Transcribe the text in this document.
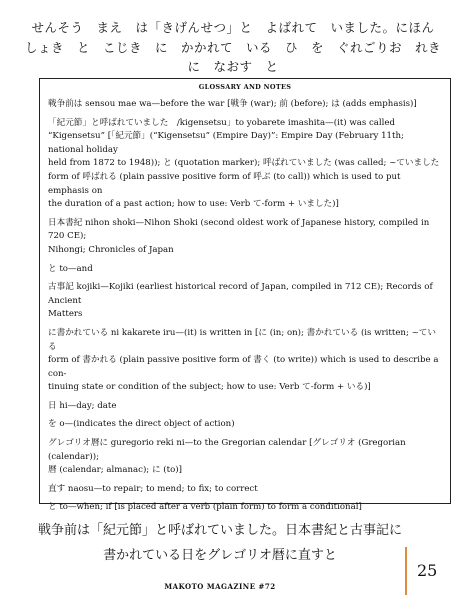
せんそう　まえ　は「きげんせつ」と　よばれて　いました。にほん
しょき　と　こじき　に　かかれて　いる　ひ　を　ぐれごりお　れき
に　なおす　と
GLOSSARY AND NOTES
戦争前は sensou mae wa—before the war [戦争 (war); 前 (before); は (adds emphasis)]
「紀元節」と呼ばれていました　/kigensetsu」to yobarete imashita—(it) was called
“Kigensetsu” [「紀元節」(“Kigensetsu” (Empire Day)”: Empire Day (February 11th; national holiday
held from 1872 to 1948)); と (quotation marker); 呼ばれていました (was called; ~ていました
form of 呼ばれる (plain passive positive form of 呼ぶ (to call)) which is used to put emphasis on
the duration of a past action; how to use: Verb て-form + いました)]
日本書紀 nihon shoki—Nihon Shoki (second oldest work of Japanese history, compiled in 720 CE);
Nihongi; Chronicles of Japan
と to—and
古事記 kojiki—Kojiki (earliest historical record of Japan, compiled in 712 CE); Records of Ancient
Matters
に書かれている ni kakarete iru—(it) is written in [に (in; on); 書かれている (is written; ~ている
form of 書かれる (plain passive positive form of 書く (to write)) which is used to describe a con-
tinuing state or condition of the subject; how to use: Verb て-form + いる)]
日 hi—day; date
を o—(indicates the direct object of action)
グレゴリオ暦に guregorio reki ni—to the Gregorian calendar [グレゴリオ (Gregorian (calendar));
暦 (calendar; almanac); に (to)]
直す naosu—to repair; to mend; to fix; to correct
と to—when; if [is placed after a verb (plain form) to form a conditional]
戦争前は「紀元節」と呼ばれていました。日本書紀と古事記に
書かれている日をグレゴリオ暦に直すと
MAKOTO MAGAZINE #72
25
